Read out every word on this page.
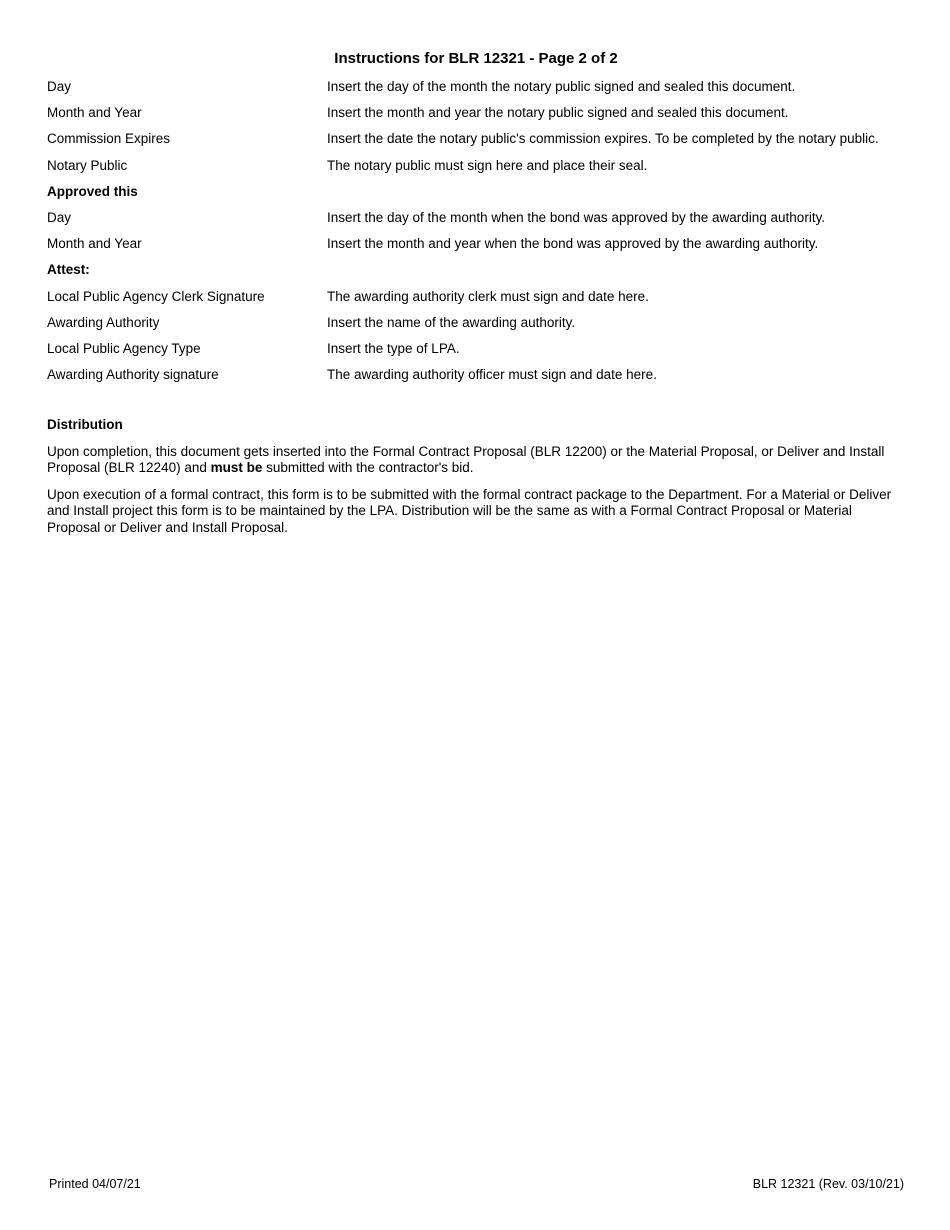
Instructions for BLR 12321 - Page 2 of 2
Day	Insert the day of the month the notary public signed and sealed this document.
Month and Year	Insert the month and year the notary public signed and sealed this document.
Commission Expires	Insert the date the notary public's commission expires. To be completed by the notary public.
Notary Public	The notary public must sign here and place their seal.
Approved this
Day	Insert the day of the month when the bond was approved by the awarding authority.
Month and Year	Insert the month and year when the bond was approved by the awarding authority.
Attest:
Local Public Agency Clerk Signature	The awarding authority clerk must sign and date here.
Awarding Authority	Insert the name of the awarding authority.
Local Public Agency Type	Insert the type of LPA.
Awarding Authority signature	The awarding authority officer must sign and date here.
Distribution

Upon completion, this document gets inserted into the Formal Contract Proposal (BLR 12200) or the Material Proposal, or Deliver and Install Proposal (BLR 12240) and must be submitted with the contractor's bid.

Upon execution of a formal contract, this form is to be submitted with the formal contract package to the Department. For a Material or Deliver and Install project this form is to be maintained by the LPA. Distribution will be the same as with a Formal Contract Proposal or Material Proposal or Deliver and Install Proposal.

Printed 04/07/21	BLR 12321 (Rev. 03/10/21)
